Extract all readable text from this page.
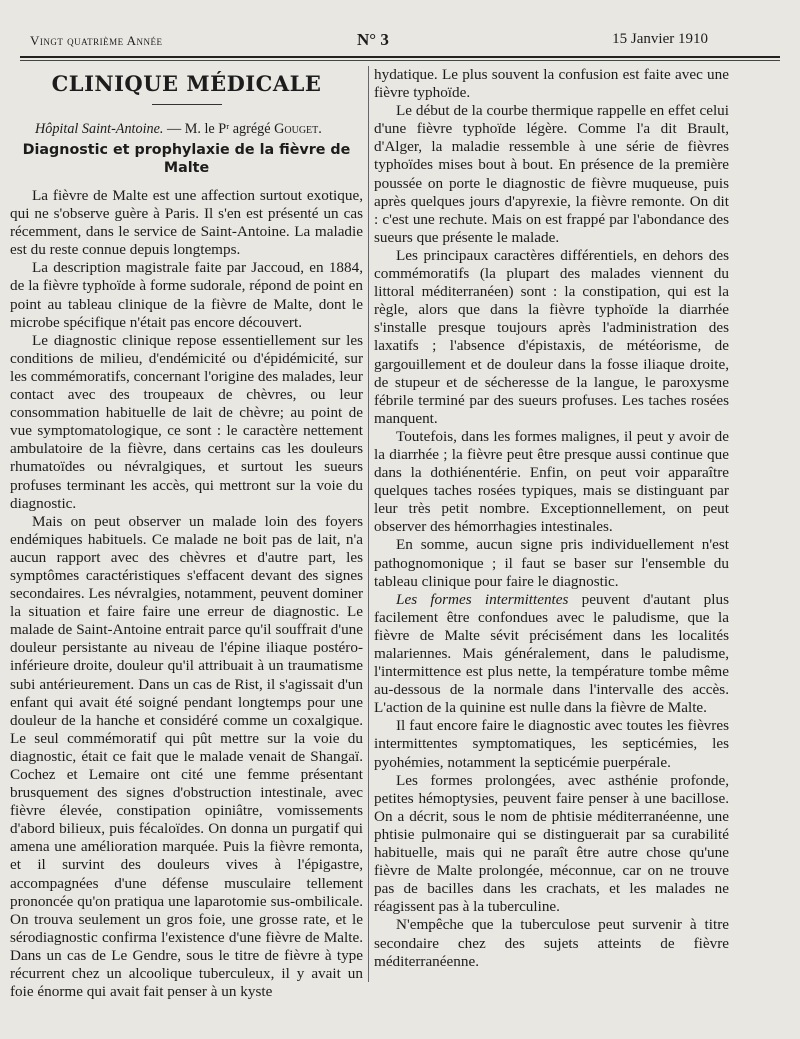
Vingt quatrième Année	N° 3	15 Janvier 1910
CLINIQUE MÉDICALE
Hôpital Saint-Antoine. — M. le Pʳ agrégé Gouget.
Diagnostic et prophylaxie de la fièvre de Malte

La fièvre de Malte est une affection surtout exotique, qui ne s'observe guère à Paris. Il s'en est présenté un cas récemment, dans le service de Saint-Antoine. La maladie est du reste connue depuis longtemps.

La description magistrale faite par Jaccoud, en 1884, de la fièvre typhoïde à forme sudorale, répond de point en point au tableau clinique de la fièvre de Malte, dont le microbe spécifique n'était pas encore découvert.

Le diagnostic clinique repose essentiellement sur les conditions de milieu, d'endémicité ou d'épidémicité, sur les commémoratifs, concernant l'origine des malades, leur contact avec des troupeaux de chèvres, ou leur consommation habituelle de lait de chèvre; au point de vue symptomatologique, ce sont : le caractère nettement ambulatoire de la fièvre, dans certains cas les douleurs rhumatoïdes ou névralgiques, et surtout les sueurs profuses terminant les accès, qui mettront sur la voie du diagnostic.

Mais on peut observer un malade loin des foyers endémiques habituels. Ce malade ne boit pas de lait, n'a aucun rapport avec des chèvres et d'autre part, les symptômes caractéristiques s'effacent devant des signes secondaires. Les névralgies, notamment, peuvent dominer la situation et faire faire une erreur de diagnostic. Le malade de Saint-Antoine entrait parce qu'il souffrait d'une douleur persistante au niveau de l'épine iliaque postéro-inférieure droite, douleur qu'il attribuait à un traumatisme subi antérieurement. Dans un cas de Rist, il s'agissait d'un enfant qui avait été soigné pendant longtemps pour une douleur de la hanche et considéré comme un coxalgique. Le seul commémoratif qui pût mettre sur la voie du diagnostic, était ce fait que le malade venait de Shangaï. Cochez et Lemaire ont cité une femme présentant brusquement des signes d'obstruction intestinale, avec fièvre élevée, constipation opiniâtre, vomissements d'abord bilieux, puis fécaloïdes. On donna un purgatif qui amena une amélioration marquée. Puis la fièvre remonta, et il survint des douleurs vives à l'épigastre, accompagnées d'une défense musculaire tellement prononcée qu'on pratiqua une laparotomie sus-ombilicale. On trouva seulement un gros foie, une grosse rate, et le sérodiagnostic confirma l'existence d'une fièvre de Malte. Dans un cas de Le Gendre, sous le titre de fièvre à type récurrent chez un alcoolique tuberculeux, il y avait un foie énorme qui avait fait penser à un kyste

hydatique. Le plus souvent la confusion est faite avec une fièvre typhoïde.

Le début de la courbe thermique rappelle en effet celui d'une fièvre typhoïde légère. Comme l'a dit Brault, d'Alger, la maladie ressemble à une série de fièvres typhoïdes mises bout à bout. En présence de la première poussée on porte le diagnostic de fièvre muqueuse, puis après quelques jours d'apyrexie, la fièvre remonte. On dit : c'est une rechute. Mais on est frappé par l'abondance des sueurs que présente le malade.

Les principaux caractères différentiels, en dehors des commémoratifs (la plupart des malades viennent du littoral méditerranéen) sont : la constipation, qui est la règle, alors que dans la fièvre typhoïde la diarrhée s'installe presque toujours après l'administration des laxatifs ; l'absence d'épistaxis, de météorisme, de gargouillement et de douleur dans la fosse iliaque droite, de stupeur et de sécheresse de la langue, le paroxysme fébrile terminé par des sueurs profuses. Les taches rosées manquent.

Toutefois, dans les formes malignes, il peut y avoir de la diarrhée ; la fièvre peut être presque aussi continue que dans la dothiénentérie. Enfin, on peut voir apparaître quelques taches rosées typiques, mais se distinguant par leur très petit nombre. Exceptionnellement, on peut observer des hémorrhagies intestinales.

En somme, aucun signe pris individuellement n'est pathognomonique ; il faut se baser sur l'ensemble du tableau clinique pour faire le diagnostic.

Les formes intermittentes peuvent d'autant plus facilement être confondues avec le paludisme, que la fièvre de Malte sévit précisément dans les localités malariennes. Mais généralement, dans le paludisme, l'intermittence est plus nette, la température tombe même au-dessous de la normale dans l'intervalle des accès. L'action de la quinine est nulle dans la fièvre de Malte.

Il faut encore faire le diagnostic avec toutes les fièvres intermittentes symptomatiques, les septicémies, les pyohémies, notamment la septicémie puerpérale.

Les formes prolongées, avec asthénie profonde, petites hémoptysies, peuvent faire penser à une bacillose. On a décrit, sous le nom de phtisie méditerranéenne, une phtisie pulmonaire qui se distinguerait par sa curabilité habituelle, mais qui ne paraît être autre chose qu'une fièvre de Malte prolongée, méconnue, car on ne trouve pas de bacilles dans les crachats, et les malades ne réagissent pas à la tuberculine.

N'empêche que la tuberculose peut survenir à titre secondaire chez des sujets atteints de fièvre méditerranéenne.
